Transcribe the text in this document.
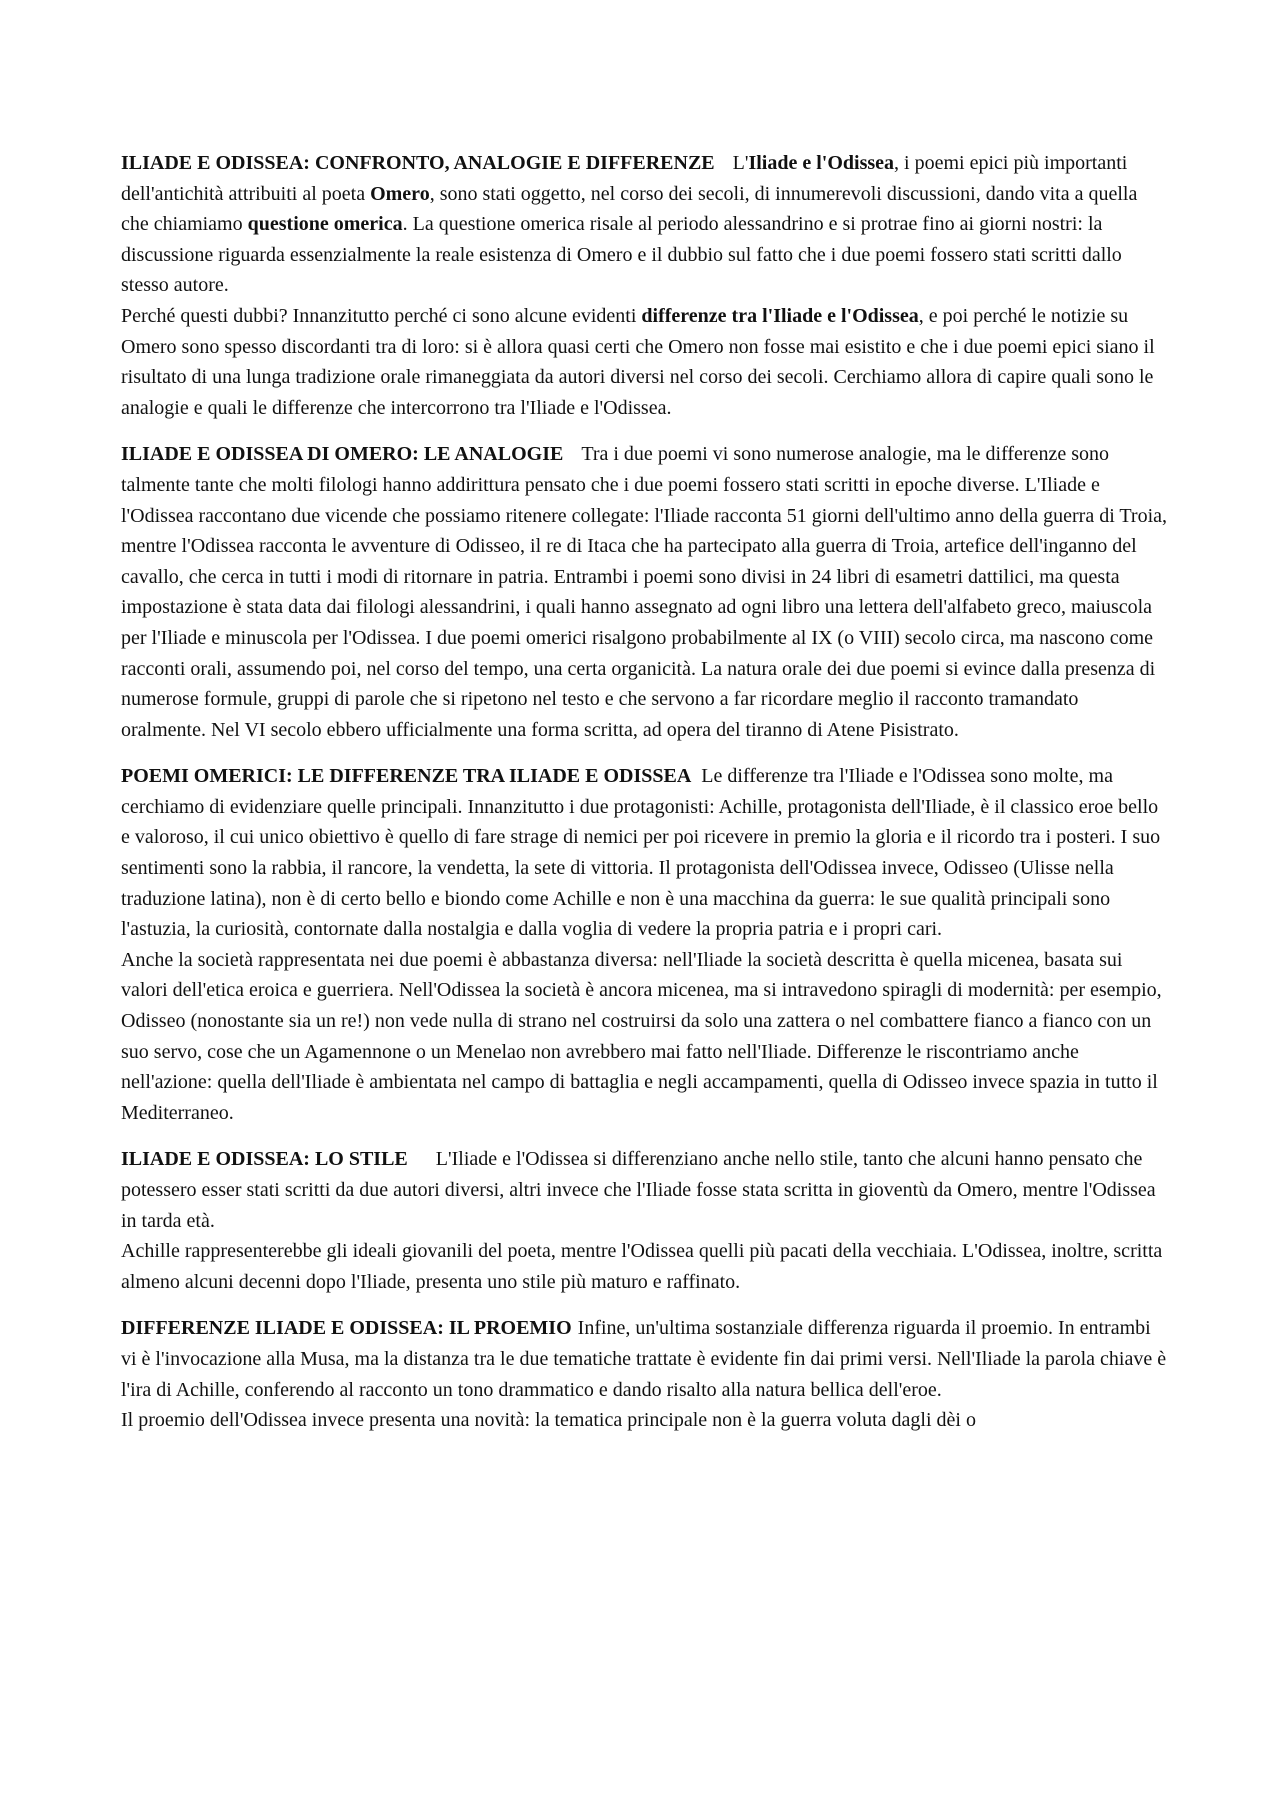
ILIADE E ODISSEA: CONFRONTO, ANALOGIE E DIFFERENZE L'Iliade e l'Odissea, i poemi epici più importanti dell'antichità attribuiti al poeta Omero, sono stati oggetto, nel corso dei secoli, di innumerevoli discussioni, dando vita a quella che chiamiamo questione omerica. La questione omerica risale al periodo alessandrino e si protrae fino ai giorni nostri: la discussione riguarda essenzialmente la reale esistenza di Omero e il dubbio sul fatto che i due poemi fossero stati scritti dallo stesso autore.

Perché questi dubbi? Innanzitutto perché ci sono alcune evidenti differenze tra l'Iliade e l'Odissea, e poi perché le notizie su Omero sono spesso discordanti tra di loro: si è allora quasi certi che Omero non fosse mai esistito e che i due poemi epici siano il risultato di una lunga tradizione orale rimaneggiata da autori diversi nel corso dei secoli. Cerchiamo allora di capire quali sono le analogie e quali le differenze che intercorrono tra l'Iliade e l'Odissea.

ILIADE E ODISSEA DI OMERO: LE ANALOGIE Tra i due poemi vi sono numerose analogie, ma le differenze sono talmente tante che molti filologi hanno addirittura pensato che i due poemi fossero stati scritti in epoche diverse. L'Iliade e l'Odissea raccontano due vicende che possiamo ritenere collegate: l'Iliade racconta 51 giorni dell'ultimo anno della guerra di Troia, mentre l'Odissea racconta le avventure di Odisseo, il re di Itaca che ha partecipato alla guerra di Troia, artefice dell'inganno del cavallo, che cerca in tutti i modi di ritornare in patria. Entrambi i poemi sono divisi in 24 libri di esametri dattilici, ma questa impostazione è stata data dai filologi alessandrini, i quali hanno assegnato ad ogni libro una lettera dell'alfabeto greco, maiuscola per l'Iliade e minuscola per l'Odissea. I due poemi omerici risalgono probabilmente al IX (o VIII) secolo circa, ma nascono come racconti orali, assumendo poi, nel corso del tempo, una certa organicità. La natura orale dei due poemi si evince dalla presenza di numerose formule, gruppi di parole che si ripetono nel testo e che servono a far ricordare meglio il racconto tramandato oralmente. Nel VI secolo ebbero ufficialmente una forma scritta, ad opera del tiranno di Atene Pisistrato.

POEMI OMERICI: LE DIFFERENZE TRA ILIADE E ODISSEA Le differenze tra l'Iliade e l'Odissea sono molte, ma cerchiamo di evidenziare quelle principali. Innanzitutto i due protagonisti: Achille, protagonista dell'Iliade, è il classico eroe bello e valoroso, il cui unico obiettivo è quello di fare strage di nemici per poi ricevere in premio la gloria e il ricordo tra i posteri. I suo sentimenti sono la rabbia, il rancore, la vendetta, la sete di vittoria. Il protagonista dell'Odissea invece, Odisseo (Ulisse nella traduzione latina), non è di certo bello e biondo come Achille e non è una macchina da guerra: le sue qualità principali sono l'astuzia, la curiosità, contornate dalla nostalgia e dalla voglia di vedere la propria patria e i propri cari.

Anche la società rappresentata nei due poemi è abbastanza diversa: nell'Iliade la società descritta è quella micenea, basata sui valori dell'etica eroica e guerriera. Nell'Odissea la società è ancora micenea, ma si intravedono spiragli di modernità: per esempio, Odisseo (nonostante sia un re!) non vede nulla di strano nel costruirsi da solo una zattera o nel combattere fianco a fianco con un suo servo, cose che un Agamennone o un Menelao non avrebbero mai fatto nell'Iliade. Differenze le riscontriamo anche nell'azione: quella dell'Iliade è ambientata nel campo di battaglia e negli accampamenti, quella di Odisseo invece spazia in tutto il Mediterraneo.

ILIADE E ODISSEA: LO STILE L'Iliade e l'Odissea si differenziano anche nello stile, tanto che alcuni hanno pensato che potessero esser stati scritti da due autori diversi, altri invece che l'Iliade fosse stata scritta in gioventù da Omero, mentre l'Odissea in tarda età.

Achille rappresenterebbe gli ideali giovanili del poeta, mentre l'Odissea quelli più pacati della vecchiaia. L'Odissea, inoltre, scritta almeno alcuni decenni dopo l'Iliade, presenta uno stile più maturo e raffinato.

DIFFERENZE ILIADE E ODISSEA: IL PROEMIO Infine, un'ultima sostanziale differenza riguarda il proemio. In entrambi vi è l'invocazione alla Musa, ma la distanza tra le due tematiche trattate è evidente fin dai primi versi. Nell'Iliade la parola chiave è l'ira di Achille, conferendo al racconto un tono drammatico e dando risalto alla natura bellica dell'eroe.

Il proemio dell'Odissea invece presenta una novità: la tematica principale non è la guerra voluta dagli dèi o
